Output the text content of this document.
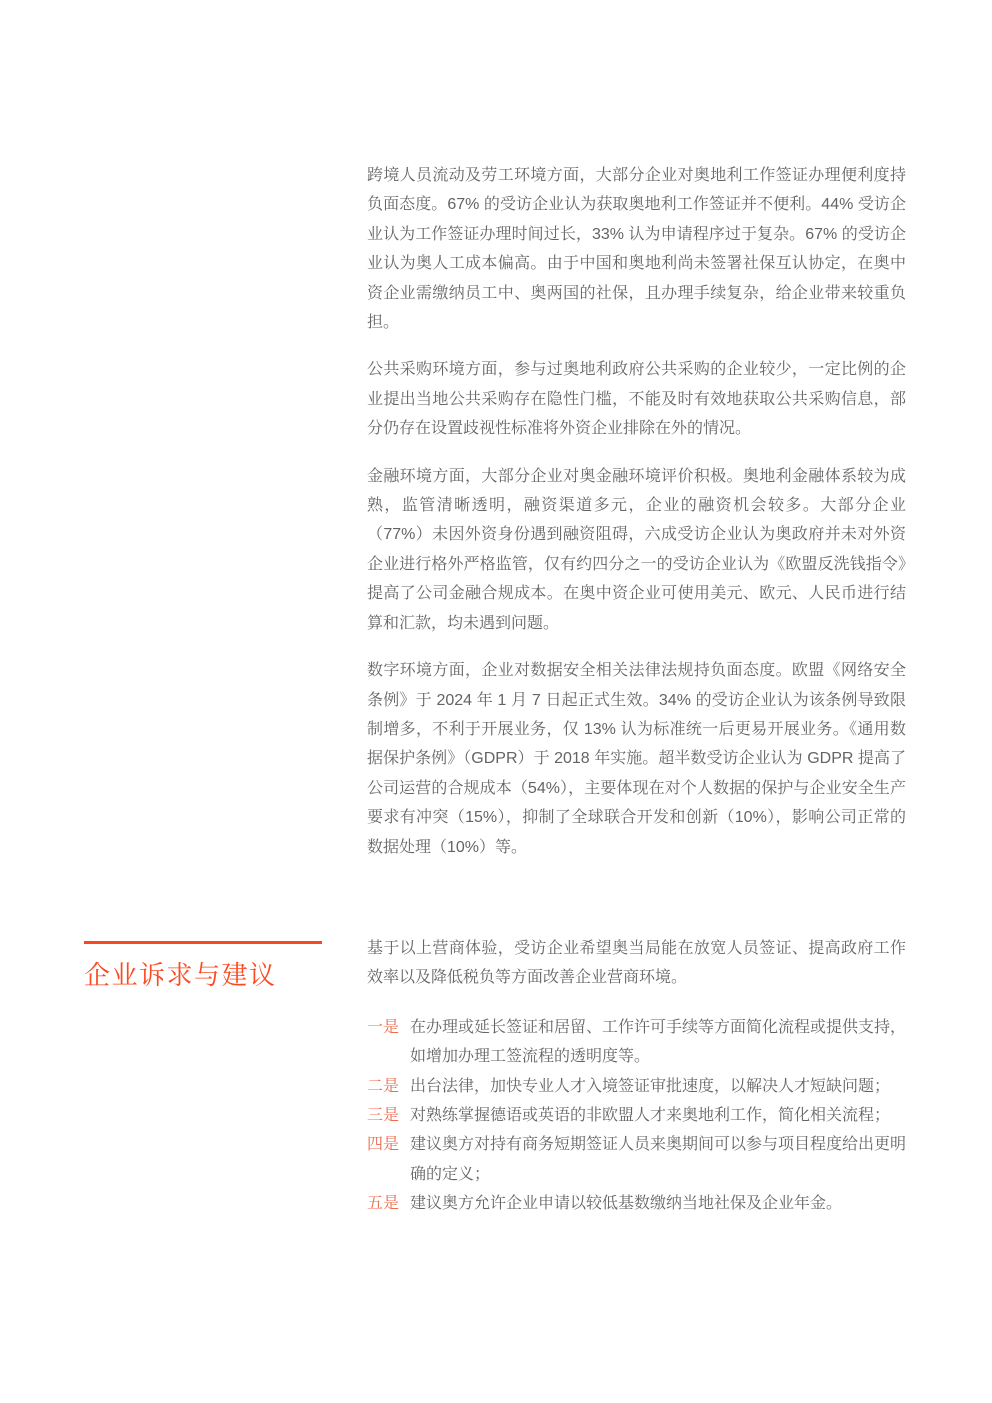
跨境人员流动及劳工环境方面，大部分企业对奥地利工作签证办理便利度持负面态度。67% 的受访企业认为获取奥地利工作签证并不便利。44% 受访企业认为工作签证办理时间过长，33% 认为申请程序过于复杂。67% 的受访企业认为奥人工成本偏高。由于中国和奥地利尚未签署社保互认协定，在奥中资企业需缴纳员工中、奥两国的社保，且办理手续复杂，给企业带来较重负担。

公共采购环境方面，参与过奥地利政府公共采购的企业较少，一定比例的企业提出当地公共采购存在隐性门槛，不能及时有效地获取公共采购信息，部分仍存在设置歧视性标准将外资企业排除在外的情况。

金融环境方面，大部分企业对奥金融环境评价积极。奥地利金融体系较为成熟，监管清晰透明，融资渠道多元，企业的融资机会较多。大部分企业（77%）未因外资身份遇到融资阻碍，六成受访企业认为奥政府并未对外资企业进行格外严格监管，仅有约四分之一的受访企业认为《欧盟反洗钱指令》提高了公司金融合规成本。在奥中资企业可使用美元、欧元、人民币进行结算和汇款，均未遇到问题。

数字环境方面，企业对数据安全相关法律法规持负面态度。欧盟《网络安全条例》于 2024 年 1 月 7 日起正式生效。34% 的受访企业认为该条例导致限制增多，不利于开展业务，仅 13% 认为标准统一后更易开展业务。《通用数据保护条例》（GDPR）于 2018 年实施。超半数受访企业认为 GDPR 提高了公司运营的合规成本（54%），主要体现在对个人数据的保护与企业安全生产要求有冲突（15%），抑制了全球联合开发和创新（10%），影响公司正常的数据处理（10%）等。

企业诉求与建议

基于以上营商体验，受访企业希望奥当局能在放宽人员签证、提高政府工作效率以及降低税负等方面改善企业营商环境。

一是 在办理或延长签证和居留、工作许可手续等方面简化流程或提供支持，如增加办理工签流程的透明度等。
二是 出台法律，加快专业人才入境签证审批速度，以解决人才短缺问题；
三是 对熟练掌握德语或英语的非欧盟人才来奥地利工作，简化相关流程；
四是 建议奥方对持有商务短期签证人员来奥期间可以参与项目程度给出更明确的定义；
五是 建议奥方允许企业申请以较低基数缴纳当地社保及企业年金。
